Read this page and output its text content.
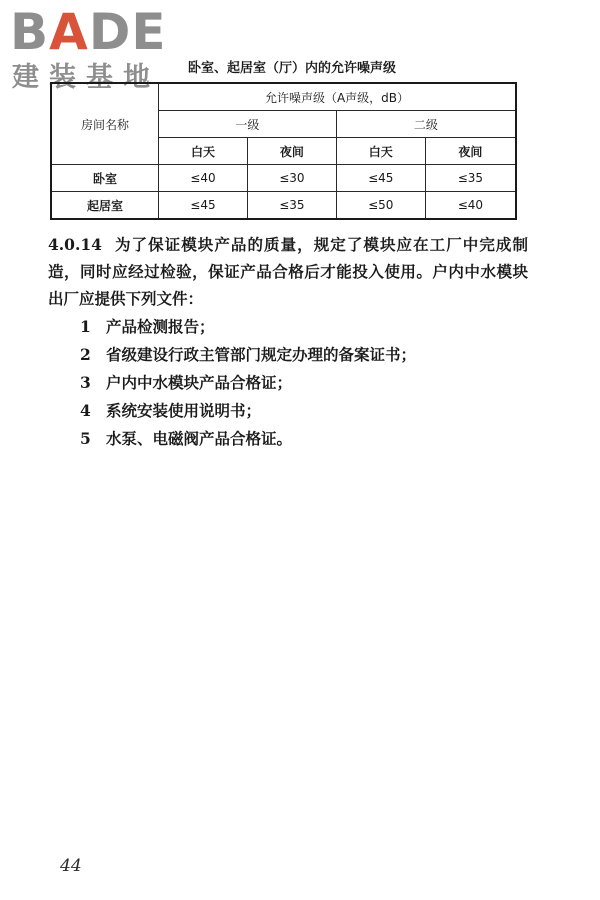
BADE
建装基地 卧室、起居室（厅）内的允许噪声级
房间名称	允许噪声级（A声级，dB）			
	一级		二级	
	白天	夜间	白天	夜间
卧室	≤40	≤30	≤45	≤35
起居室	≤45	≤35	≤50	≤40
4.0.14 为了保证模块产品的质量，规定了模块应在工厂中完成制造，同时应经过检验，保证产品合格后才能投入使用。户内中水模块出厂应提供下列文件：
1 产品检测报告；
2 省级建设行政主管部门规定办理的备案证书；
3 户内中水模块产品合格证；
4 系统安装使用说明书；
5 水泵、电磁阀产品合格证。
44
